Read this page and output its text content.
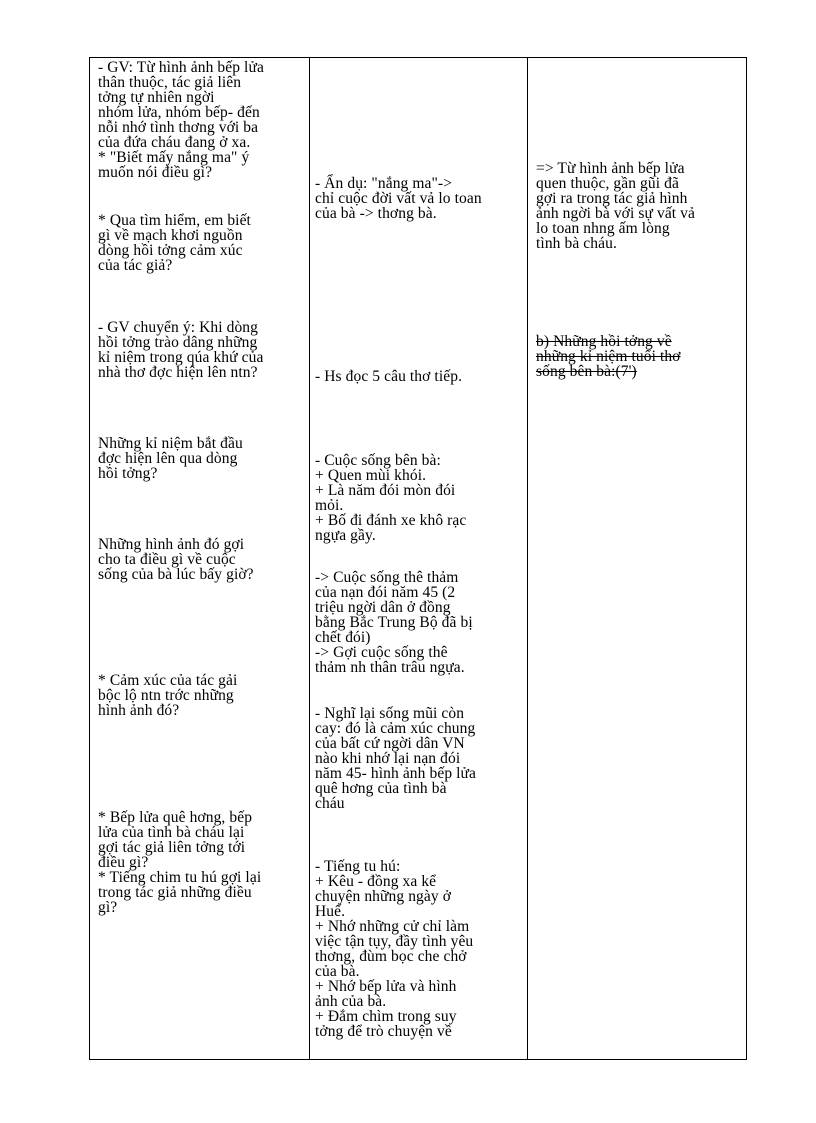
- GV: Từ hình ảnh bếp lửa
thân thuộc, tác giả liên
tởng tự nhiên ngời
nhóm lửa, nhóm bếp- đến
nỗi nhớ tình thơng với ba
của đứa cháu đang ở xa.
* "Biết mấy nắng ma" ý
muốn nói điều gì?
* Qua tìm hiểm, em biết
gì về mạch khơi nguồn
dòng hồi tởng cảm xúc
của tác giả?
- GV chuyển ý: Khi dòng
hồi tởng trào dâng những
kỉ niệm trong qúa khứ của
nhà thơ đợc hiện lên ntn?
Những kỉ niệm bắt đầu
đợc hiện lên qua dòng
hồi tởng?
Những hình ảnh đó gợi
cho ta điều gì về cuộc
sống của bà lúc bấy giờ?
* Cảm xúc của tác gải
bộc lộ ntn trớc những
hình ảnh đó?
* Bếp lửa quê hơng, bếp
lửa của tình bà cháu lại
gợi tác giả liên tởng tới
điều gì?
* Tiếng chim tu hú gợi lại
trong tác giả những điều
gì?
- Ẩn dụ: "nắng ma"->
chỉ cuộc đời vất vả lo toan
của bà -> thơng bà.
- Hs đọc 5 câu thơ tiếp.
- Cuộc sống bên bà:
+ Quen mùi khói.
+ Là năm đói mòn đói
mỏi.
+ Bố đi đánh xe khô rạc
ngựa gầy.
-> Cuộc sống thê thảm
của nạn đói năm 45 (2
triệu ngời dân ở đồng
bằng Bắc Trung Bộ đã bị
chết đói)
-> Gợi cuộc sống thê
thảm nh thân trâu ngựa.
- Nghĩ lại sống mũi còn
cay: đó là cảm xúc chung
của bất cứ ngời dân VN
nào khi nhớ lại nạn đói
năm 45- hình ảnh bếp lửa
quê hơng của tình bà
cháu
- Tiếng tu hú:
+ Kêu - đồng xa kể
chuyện những ngày ở
Huế.
+ Nhớ những cử chỉ làm
việc tận tụy, đầy tình yêu
thơng, đùm bọc che chở
của bà.
+ Nhớ bếp lửa và hình
ảnh của bà.
+ Đắm chìm trong suy
tởng để trò chuyện về
=> Từ hình ảnh bếp lửa
quen thuộc, gần gũi đã
gợi ra trong tác giả hình
ảnh ngời bà với sự vất vả
lo toan nhng ấm lòng
tình bà cháu.
b) Những hồi tởng về
những kỉ niệm tuổi thơ
sống bên bà:(7')
